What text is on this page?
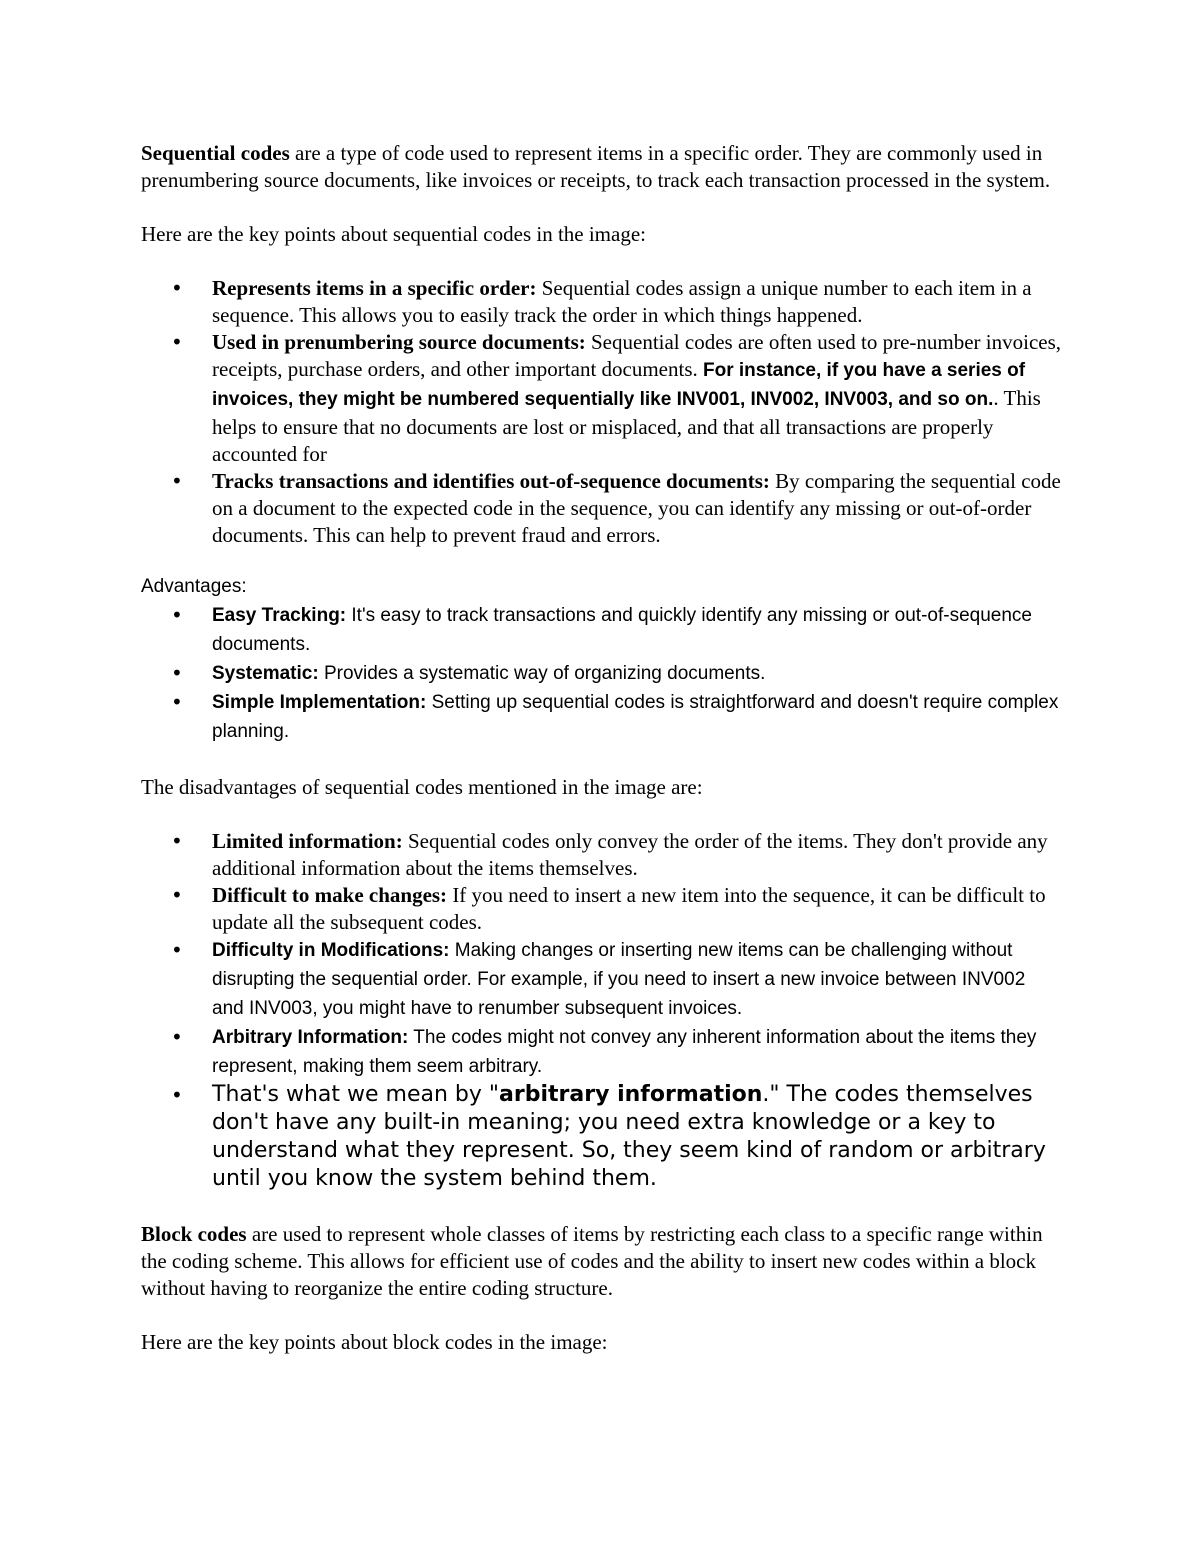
Sequential codes are a type of code used to represent items in a specific order. They are commonly used in prenumbering source documents, like invoices or receipts, to track each transaction processed in the system.

Here are the key points about sequential codes in the image:

• Represents items in a specific order: Sequential codes assign a unique number to each item in a sequence. This allows you to easily track the order in which things happened.
• Used in prenumbering source documents: Sequential codes are often used to pre-number invoices, receipts, purchase orders, and other important documents. For instance, if you have a series of invoices, they might be numbered sequentially like INV001, INV002, INV003, and so on.. This helps to ensure that no documents are lost or misplaced, and that all transactions are properly accounted for
• Tracks transactions and identifies out-of-sequence documents: By comparing the sequential code on a document to the expected code in the sequence, you can identify any missing or out-of-order documents. This can help to prevent fraud and errors.

Advantages:

• Easy Tracking: It's easy to track transactions and quickly identify any missing or out-of-sequence documents.
• Systematic: Provides a systematic way of organizing documents.
• Simple Implementation: Setting up sequential codes is straightforward and doesn't require complex planning.

The disadvantages of sequential codes mentioned in the image are:

• Limited information: Sequential codes only convey the order of the items. They don't provide any additional information about the items themselves.
• Difficult to make changes: If you need to insert a new item into the sequence, it can be difficult to update all the subsequent codes.
• Difficulty in Modifications: Making changes or inserting new items can be challenging without disrupting the sequential order. For example, if you need to insert a new invoice between INV002 and INV003, you might have to renumber subsequent invoices.
• Arbitrary Information: The codes might not convey any inherent information about the items they represent, making them seem arbitrary.
• That's what we mean by "arbitrary information." The codes themselves don't have any built-in meaning; you need extra knowledge or a key to understand what they represent. So, they seem kind of random or arbitrary until you know the system behind them.

Block codes are used to represent whole classes of items by restricting each class to a specific range within the coding scheme. This allows for efficient use of codes and the ability to insert new codes within a block without having to reorganize the entire coding structure.

Here are the key points about block codes in the image:
